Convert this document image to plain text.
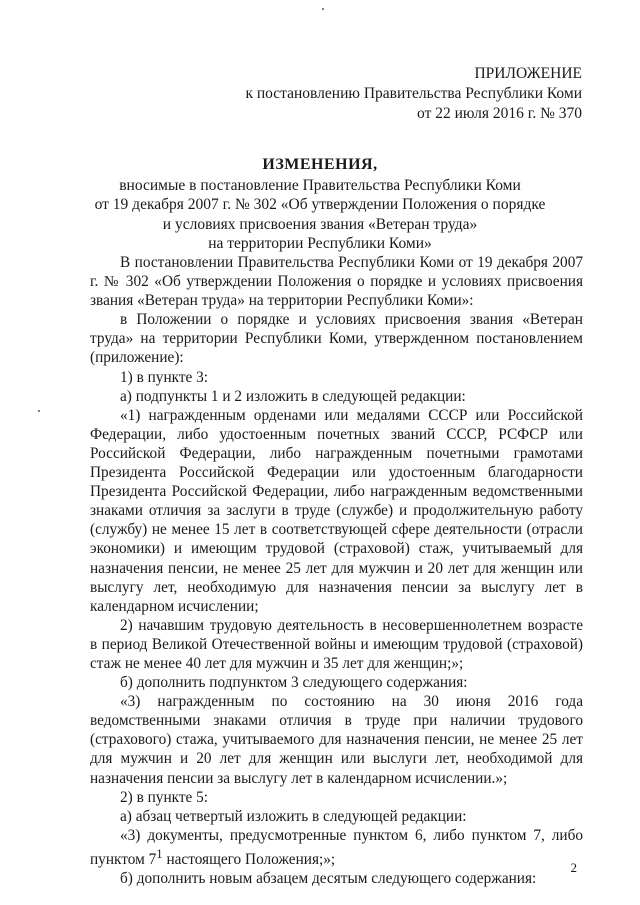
ПРИЛОЖЕНИЕ
к постановлению Правительства Республики Коми
от 22 июля 2016 г. № 370
ИЗМЕНЕНИЯ,
вносимые в постановление Правительства Республики Коми
от 19 декабря 2007 г. № 302 «Об утверждении Положения о порядке
и условиях присвоения звания «Ветеран труда»
на территории Республики Коми»

В постановлении Правительства Республики Коми от 19 декабря 2007 г. № 302 «Об утверждении Положения о порядке и условиях присвоения звания «Ветеран труда» на территории Республики Коми»:

в Положении о порядке и условиях присвоения звания «Ветеран труда» на территории Республики Коми, утвержденном постановлением (приложение):

1) в пункте 3:

а) подпункты 1 и 2 изложить в следующей редакции:

«1) награжденным орденами или медалями СССР или Российской Федерации, либо удостоенным почетных званий СССР, РСФСР или Российской Федерации, либо награжденным почетными грамотами Президента Российской Федерации или удостоенным благодарности Президента Российской Федерации, либо награжденным ведомственными знаками отличия за заслуги в труде (службе) и продолжительную работу (службу) не менее 15 лет в соответствующей сфере деятельности (отрасли экономики) и имеющим трудовой (страховой) стаж, учитываемый для назначения пенсии, не менее 25 лет для мужчин и 20 лет для женщин или выслугу лет, необходимую для назначения пенсии за выслугу лет в календарном исчислении;

2) начавшим трудовую деятельность в несовершеннолетнем возрасте в период Великой Отечественной войны и имеющим трудовой (страховой) стаж не менее 40 лет для мужчин и 35 лет для женщин;»;

б) дополнить подпунктом 3 следующего содержания:

«3) награжденным по состоянию на 30 июня 2016 года ведомственными знаками отличия в труде при наличии трудового (страхового) стажа, учитываемого для назначения пенсии, не менее 25 лет для мужчин и 20 лет для женщин или выслуги лет, необходимой для назначения пенсии за выслугу лет в календарном исчислении.»;

2) в пункте 5:

а) абзац четвертый изложить в следующей редакции:

«3) документы, предусмотренные пунктом 6, либо пунктом 7, либо пунктом $7^1$ настоящего Положения;»;

б) дополнить новым абзацем десятым следующего содержания:

2
